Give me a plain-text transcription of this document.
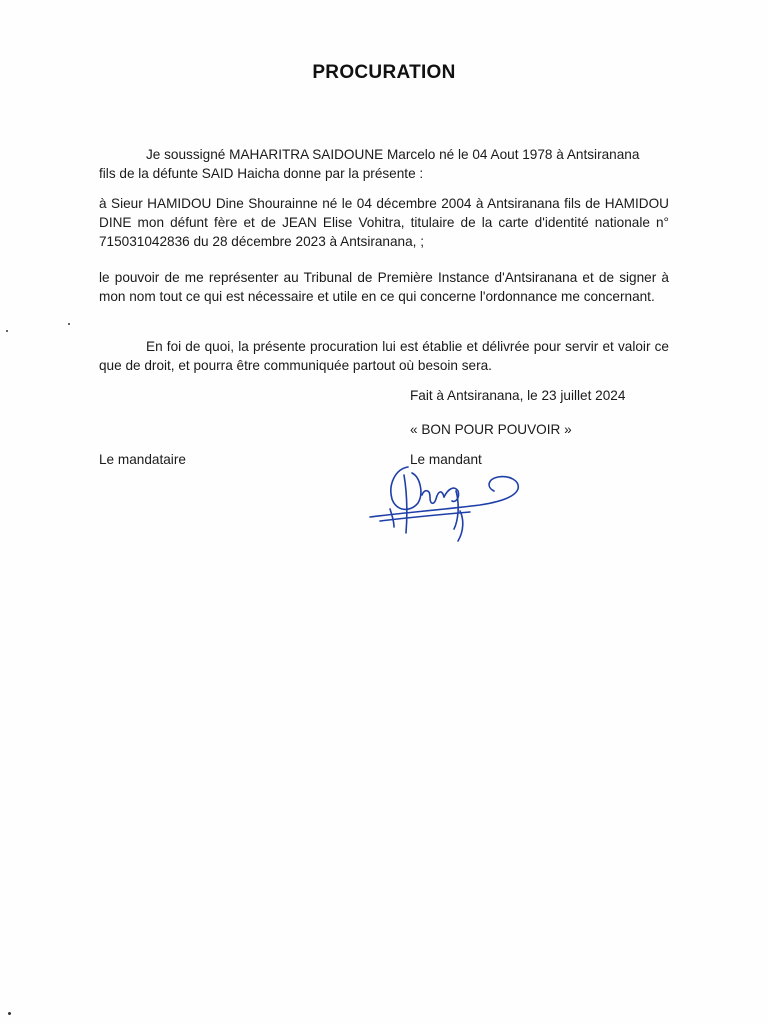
PROCURATION

Je soussigné MAHARITRA SAIDOUNE Marcelo né le 04 Aout 1978 à Antsiranana
fils de la défunte SAID Haicha donne par la présente :

à Sieur HAMIDOU Dine Shourainne né le 04 décembre 2004 à Antsiranana fils de HAMIDOU DINE mon défunt fère et de JEAN Elise Vohitra, titulaire de la carte d'identité nationale n° 715031042836 du 28 décembre 2023 à Antsiranana, ;

le pouvoir de me représenter au Tribunal de Première Instance d'Antsiranana et de signer à mon nom tout ce qui est nécessaire et utile en ce qui concerne l'ordonnance me concernant.

En foi de quoi, la présente procuration lui est établie et délivrée pour servir et valoir ce que de droit, et pourra être communiquée partout où besoin sera.

Fait à Antsiranana, le 23 juillet 2024
« BON POUR POUVOIR »
Le mandataire	Le mandant
